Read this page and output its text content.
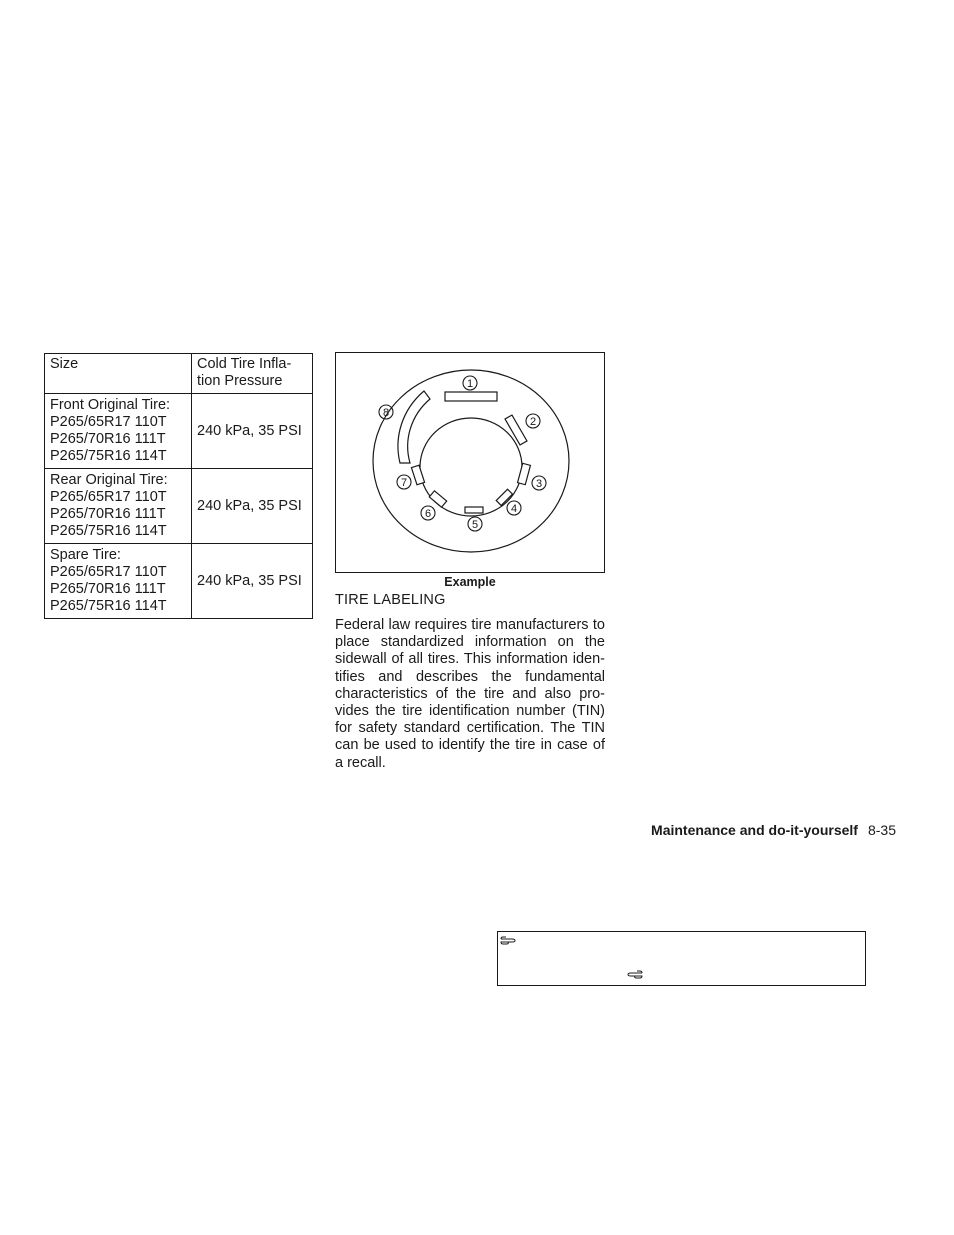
Size	Cold Tire Infla-
tion Pressure

Front Original Tire:
P265/65R17 110T
P265/70R16 111T
P265/75R16 114T	240 kPa, 35 PSI

Rear Original Tire:
P265/65R17 110T
P265/70R16 111T
P265/75R16 114T	240 kPa, 35 PSI

Spare Tire:
P265/65R17 110T
P265/70R16 111T
P265/75R16 114T	240 kPa, 35 PSI
1
2
3
4
5
6
7
8
Example
TIRE LABELING
Federal law requires tire manufacturers to place standardized information on the sidewall of all tires. This information identifies and describes the fundamental characteristics of the tire and also provides the tire identification number (TIN) for safety standard certification. The TIN can be used to identify the tire in case of a recall.
Maintenance and do-it-yourself 8-35
